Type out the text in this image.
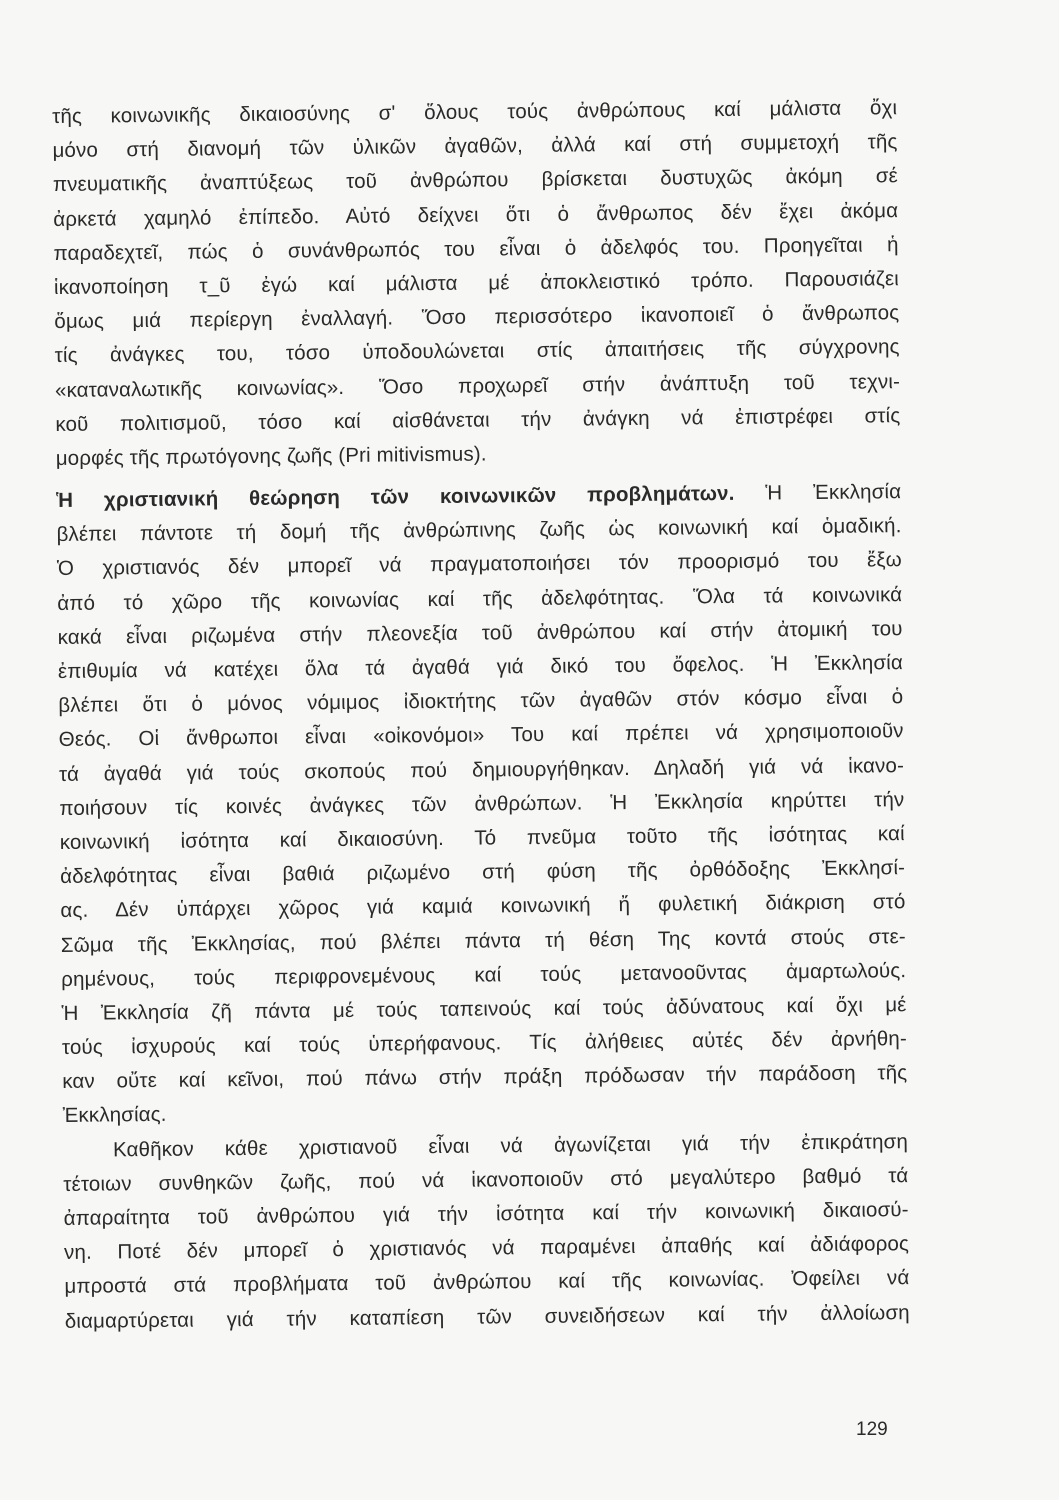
τῆς κοινωνικῆς δικαιοσύνης σ' ὅλους τούς ἀνθρώπους καί μάλιστα ὄχι
μόνο στή διανομή τῶν ὑλικῶν ἀγαθῶν, ἀλλά καί στή συμμετοχή τῆς
πνευματικῆς ἀναπτύξεως τοῦ ἀνθρώπου βρίσκεται δυστυχῶς ἀκόμη σέ
ἀρκετά χαμηλό ἐπίπεδο. Αὐτό δείχνει ὅτι ὁ ἄνθρωπος δέν ἔχει ἀκόμα
παραδεχτεῖ, πώς ὁ συνάνθρωπός του εἶναι ὁ ἀδελφός του. Προηγεῖται ἡ
ἱκανοποίηση τ_ῦ ἐγώ καί μάλιστα μέ ἀποκλειστικό τρόπο. Παρουσιάζει
ὅμως μιά περίεργη ἐναλλαγή. Ὅσο περισσότερο ἱκανοποιεῖ ὁ ἄνθρωπος
τίς ἀνάγκες του, τόσο ὑποδουλώνεται στίς ἀπαιτήσεις τῆς σύγχρονης
«καταναλωτικῆς κοινωνίας». Ὅσο προχωρεῖ στήν ἀνάπτυξη τοῦ τεχνι-
κοῦ πολιτισμοῦ, τόσο καί αἰσθάνεται τήν ἀνάγκη νά ἐπιστρέφει στίς
μορφές τῆς πρωτόγονης ζωῆς (Pri mitivismus).
Ἡ χριστιανική θεώρηση τῶν κοινωνικῶν προβλημάτων. Ἡ Ἐκκλησία
βλέπει πάντοτε τή δομή τῆς ἀνθρώπινης ζωῆς ὡς κοινωνική καί ὁμαδική.
Ὁ χριστιανός δέν μπορεῖ νά πραγματοποιήσει τόν προορισμό του ἔξω
ἀπό τό χῶρο τῆς κοινωνίας καί τῆς ἀδελφότητας. Ὅλα τά κοινωνικά
κακά εἶναι ριζωμένα στήν πλεονεξία τοῦ ἀνθρώπου καί στήν ἀτομική του
ἐπιθυμία νά κατέχει ὅλα τά ἀγαθά γιά δικό του ὄφελος. Ἡ Ἐκκλησία
βλέπει ὅτι ὁ μόνος νόμιμος ἰδιοκτήτης τῶν ἀγαθῶν στόν κόσμο εἶναι ὁ
Θεός. Οἱ ἄνθρωποι εἶναι «οἰκονόμοι» Του καί πρέπει νά χρησιμοποιοῦν
τά ἀγαθά γιά τούς σκοπούς πού δημιουργήθηκαν. Δηλαδή γιά νά ἱκανο-
ποιήσουν τίς κοινές ἀνάγκες τῶν ἀνθρώπων. Ἡ Ἐκκλησία κηρύττει τήν
κοινωνική ἰσότητα καί δικαιοσύνη. Τό πνεῦμα τοῦτο τῆς ἰσότητας καί
ἀδελφότητας εἶναι βαθιά ριζωμένο στή φύση τῆς ὀρθόδοξης Ἐκκλησί-
ας. Δέν ὑπάρχει χῶρος γιά καμιά κοινωνική ἤ φυλετική διάκριση στό
Σῶμα τῆς Ἐκκλησίας, πού βλέπει πάντα τή θέση Της κοντά στούς στε-
ρημένους, τούς περιφρονεμένους καί τούς μετανοοῦντας ἁμαρτωλούς.
Ἡ Ἐκκλησία ζῆ πάντα μέ τούς ταπεινούς καί τούς ἀδύνατους καί ὄχι μέ
τούς ἰσχυρούς καί τούς ὑπερήφανους. Τίς ἀλήθειες αὐτές δέν ἀρνήθη-
καν οὔτε καί κεῖνοι, πού πάνω στήν πράξη πρόδωσαν τήν παράδοση τῆς
Ἐκκλησίας.
Καθῆκον κάθε χριστιανοῦ εἶναι νά ἀγωνίζεται γιά τήν ἐπικράτηση
τέτοιων συνθηκῶν ζωῆς, πού νά ἱκανοποιοῦν στό μεγαλύτερο βαθμό τά
ἀπαραίτητα τοῦ ἀνθρώπου γιά τήν ἰσότητα καί τήν κοινωνική δικαιοσύ-
νη. Ποτέ δέν μπορεῖ ὁ χριστιανός νά παραμένει ἀπαθής καί ἀδιάφορος
μπροστά στά προβλήματα τοῦ ἀνθρώπου καί τῆς κοινωνίας. Ὀφείλει νά
διαμαρτύρεται γιά τήν καταπίεση τῶν συνειδήσεων καί τήν ἀλλοίωση
129
